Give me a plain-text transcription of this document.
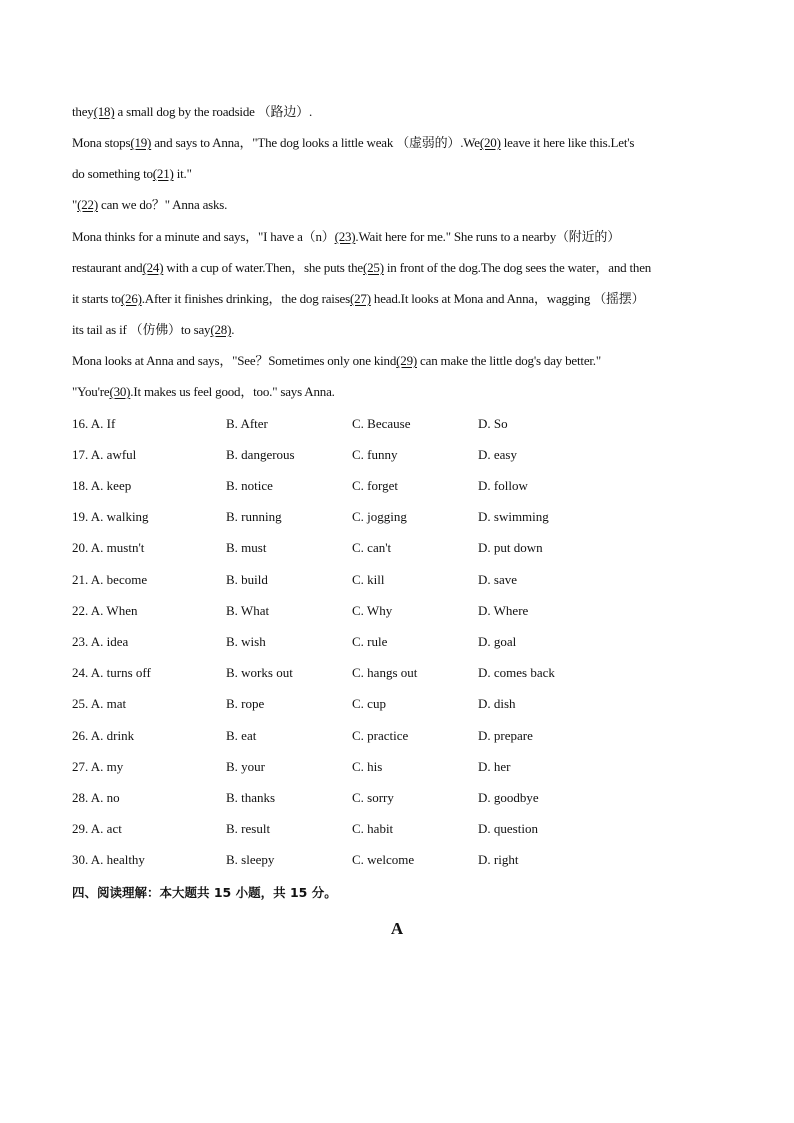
they(18) a small dog by the roadside （路边）.
Mona stops(19) and says to Anna，"The dog looks a little weak （虚弱的）.We(20) leave it here like this.Let's
do something to(21) it."
"(22) can we do？" Anna asks.
Mona thinks for a minute and says，"I have a（n）(23).Wait here for me." She runs to a nearby（附近的）
restaurant and(24) with a cup of water.Then，she puts the(25) in front of the dog.The dog sees the water，and then
it starts to(26).After it finishes drinking，the dog raises(27) head.It looks at Mona and Anna，wagging （摇摆）
its tail as if （仿佛）to say(28).
Mona looks at Anna and says，"See？Sometimes only one kind(29) can make the little dog's day better."
"You're(30).It makes us feel good，too." says Anna.
16. A. If	B. After	C. Because	D. So
17. A. awful	B. dangerous	C. funny	D. easy
18. A. keep	B. notice	C. forget	D. follow
19. A. walking	B. running	C. jogging	D. swimming
20. A. mustn't	B. must	C. can't	D. put down
21. A. become	B. build	C. kill	D. save
22. A. When	B. What	C. Why	D. Where
23. A. idea	B. wish	C. rule	D. goal
24. A. turns off	B. works out	C. hangs out	D. comes back
25. A. mat	B. rope	C. cup	D. dish
26. A. drink	B. eat	C. practice	D. prepare
27. A. my	B. your	C. his	D. her
28. A. no	B. thanks	C. sorry	D. goodbye
29. A. act	B. result	C. habit	D. question
30. A. healthy	B. sleepy	C. welcome	D. right
四、阅读理解：本大题共 15 小题，共 15 分。
A
